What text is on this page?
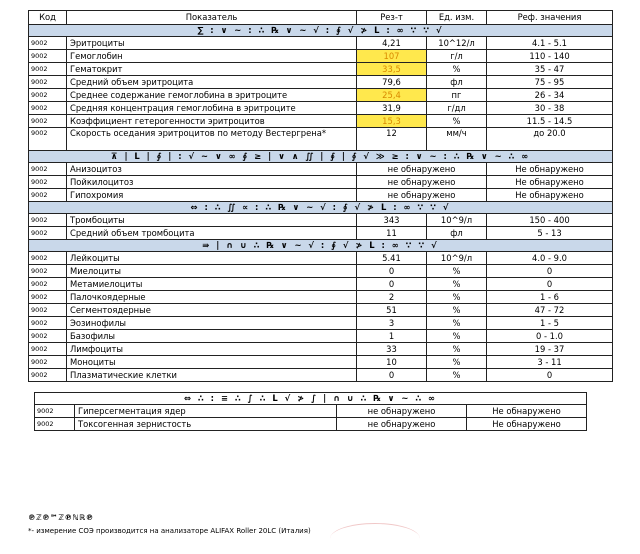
Код	Показатель	Рез-т	Ед. изм.	Реф. значения
∑ : ∨ ~ : ∴ ℞ ∨ ~ √ : ∮ √ ≯ L : ∞ ∵ ∵ √				
9002	Эритроциты	4,21	10^12/л	4.1 - 5.1
9002	Гемоглобин	107	г/л	110 - 140
9002	Гематокрит	33,5	%	35 - 47
9002	Средний объем эритроцита	79,6	фл	75 - 95
9002	Среднее содержание гемоглобина в эритроците	25,4	пг	26 - 34
9002	Средняя концентрация гемоглобина в эритроците	31,9	г/дл	30 - 38
9002	Коэффициент гетерогенности эритроцитов	15,3	%	11.5 - 14.5
9002	Скорость оседания эритроцитов по методу Вестергрена*	12	мм/ч	до 20.0
⊼ | L | ∮ | : √ ~ ∨ ∞ ∮ ≥ | ∨ ∧ ∬ | ∮ | ∮ √ ≫ ≥ : ∨ ~ : ∴ ℞ ∨ ~ ∴ ∞				
9002	Анизоцитоз	не обнаружено		Не обнаружено
9002	Пойкилоцитоз	не обнаружено		Не обнаружено
9002	Гипохромия	не обнаружено		Не обнаружено
⇔ : ∴ ∬ ∝ : ∴ ℞ ∨ ~ √ : ∮ √ ≯ L : ∞ ∵ ∵ √				
9002	Тромбоциты	343	10^9/л	150 - 400
9002	Средний объем тромбоцита	11	фл	5 - 13
⇛ | ∩ ∪ ∴ ℞ ∨ ~ √ : ∮ √ ≯ L : ∞ ∵ ∵ √				
9002	Лейкоциты	5.41	10^9/л	4.0 - 9.0
9002	Миелоциты	0	%	0
9002	Метамиелоциты	0	%	0
9002	Палочкоядерные	2	%	1 - 6
9002	Сегментоядерные	51	%	47 - 72
9002	Эозинофилы	3	%	1 - 5
9002	Базофилы	1	%	0 - 1.0
9002	Лимфоциты	33	%	19 - 37
9002	Моноциты	10	%	3 - 11
9002	Плазматические клетки	0	%	0
⇔ ∴ : ≡ ∴ ∫ ∴ L √ ≯ ∫ | ∩ ∪ ∴ ℞ ∨ ~ ∴ ∞			
9002	Гиперсегментация ядер	не обнаружено	Не обнаружено
9002	Токсогенная зернистость	не обнаружено	Не обнаружено
℗ℤ℗℠ℤ℗ℕℝ℗
*- измерение СОЭ производится на анализаторе ALIFAX Roller 20LC (Италия)
